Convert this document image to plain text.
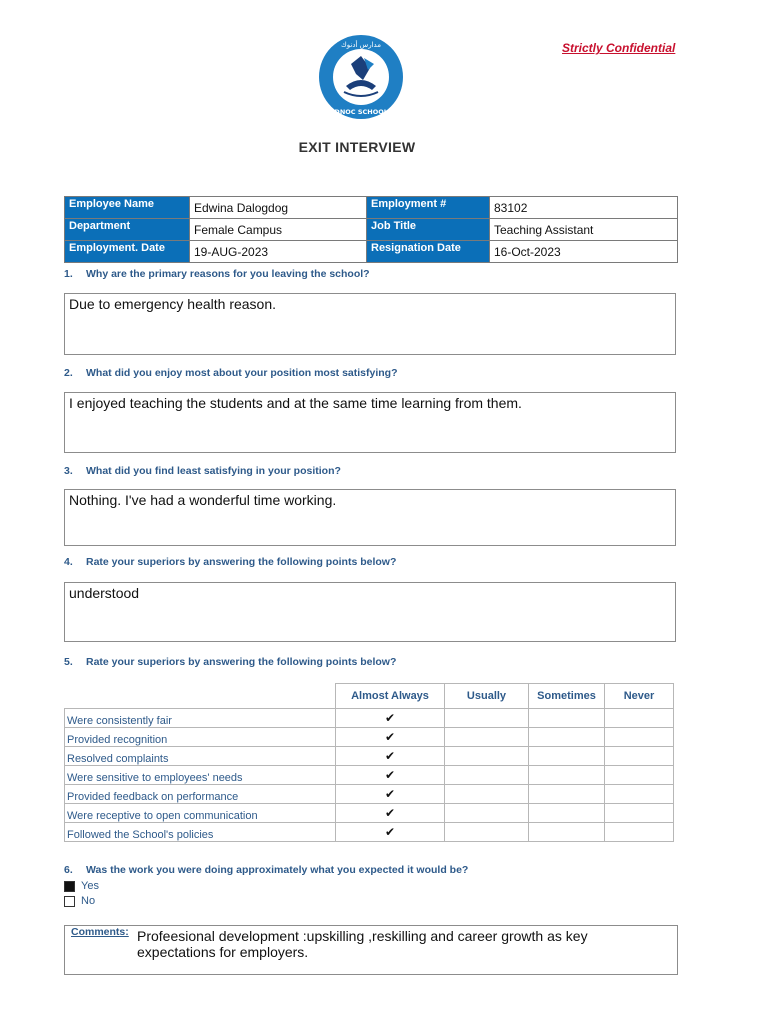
Strictly Confidential
مدارس أدنوك
ADNOC SCHOOLS
EXIT INTERVIEW
Employee Name	Edwina Dalogdog	Employment #	83102
Department	Female Campus	Job Title	Teaching Assistant
Employment. Date	19-AUG-2023	Resignation Date	16-Oct-2023
1. Why are the primary reasons for you leaving the school?
Due to emergency health reason.
2. What did you enjoy most about your position most satisfying?
I enjoyed teaching the students and at the same time learning from them.
3. What did you find least satisfying in your position?
Nothing. I've had a wonderful time working.
4. Rate your superiors by answering the following points below?
understood
5. Rate your superiors by answering the following points below?
	Almost Always	Usually	Sometimes	Never
Were consistently fair	✔			
Provided recognition	✔			
Resolved complaints	✔			
Were sensitive to employees' needs	✔			
Provided feedback on performance	✔			
Were receptive to open communication	✔			
Followed the School's policies	✔			
6. Was the work you were doing approximately what you expected it would be?
Yes
No
Comments: Profeesional development :upskilling ,reskilling and career growth as key expectations for employers.
